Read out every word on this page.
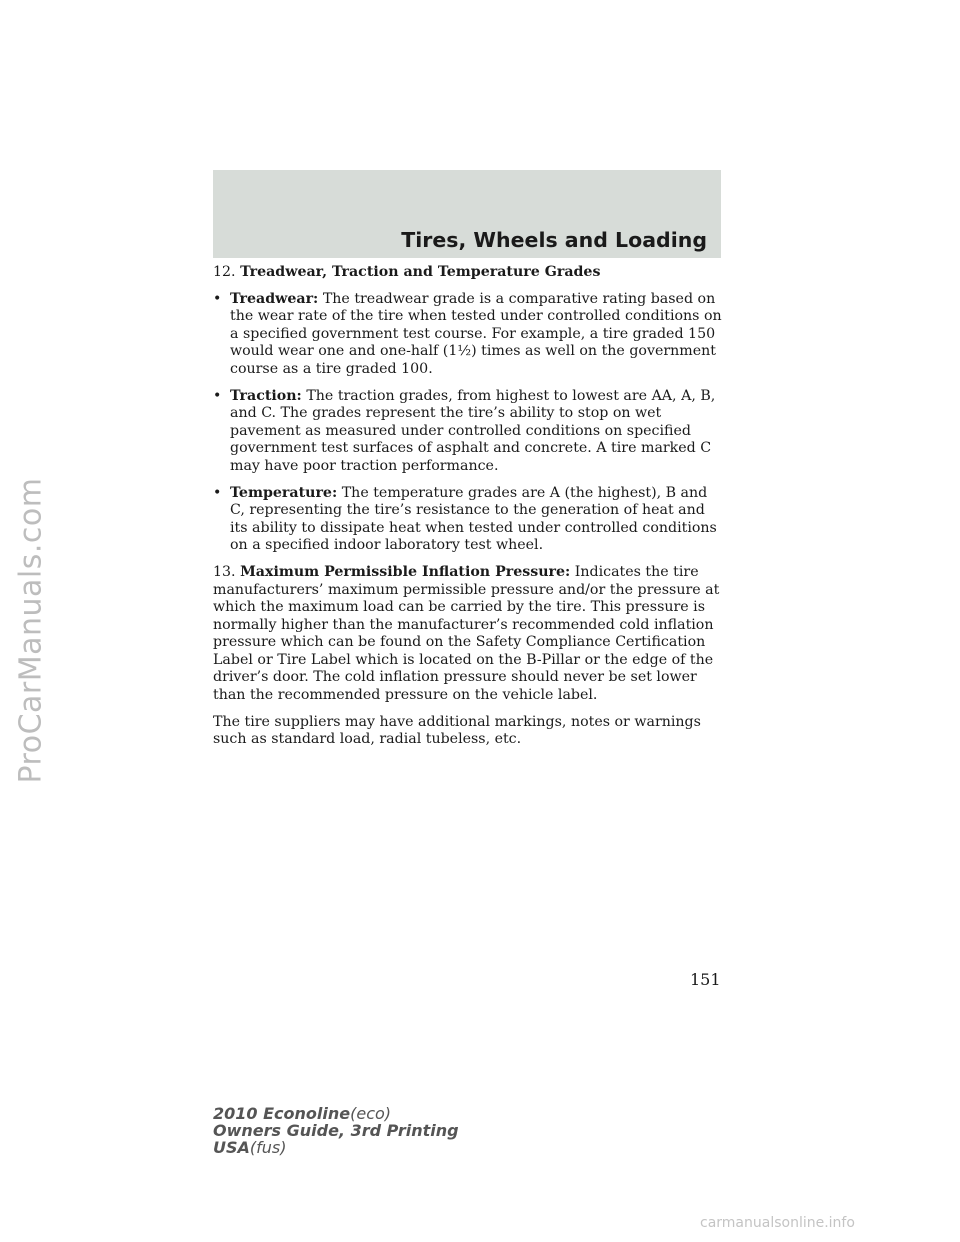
ProCarManuals.com
Tires, Wheels and Loading

12. Treadwear, Traction and Temperature Grades

• Treadwear: The treadwear grade is a comparative rating based on the wear rate of the tire when tested under controlled conditions on a specified government test course. For example, a tire graded 150 would wear one and one-half (1½) times as well on the government course as a tire graded 100.
• Traction: The traction grades, from highest to lowest are AA, A, B, and C. The grades represent the tire’s ability to stop on wet pavement as measured under controlled conditions on specified government test surfaces of asphalt and concrete. A tire marked C may have poor traction performance.
• Temperature: The temperature grades are A (the highest), B and C, representing the tire’s resistance to the generation of heat and its ability to dissipate heat when tested under controlled conditions on a specified indoor laboratory test wheel.

13. Maximum Permissible Inflation Pressure: Indicates the tire manufacturers’ maximum permissible pressure and/or the pressure at which the maximum load can be carried by the tire. This pressure is normally higher than the manufacturer’s recommended cold inflation pressure which can be found on the Safety Compliance Certification Label or Tire Label which is located on the B-Pillar or the edge of the driver’s door. The cold inflation pressure should never be set lower than the recommended pressure on the vehicle label.

The tire suppliers may have additional markings, notes or warnings such as standard load, radial tubeless, etc.

151
2010 Econoline(eco)
Owners Guide, 3rd Printing
USA(fus)
carmanualsonline.info
